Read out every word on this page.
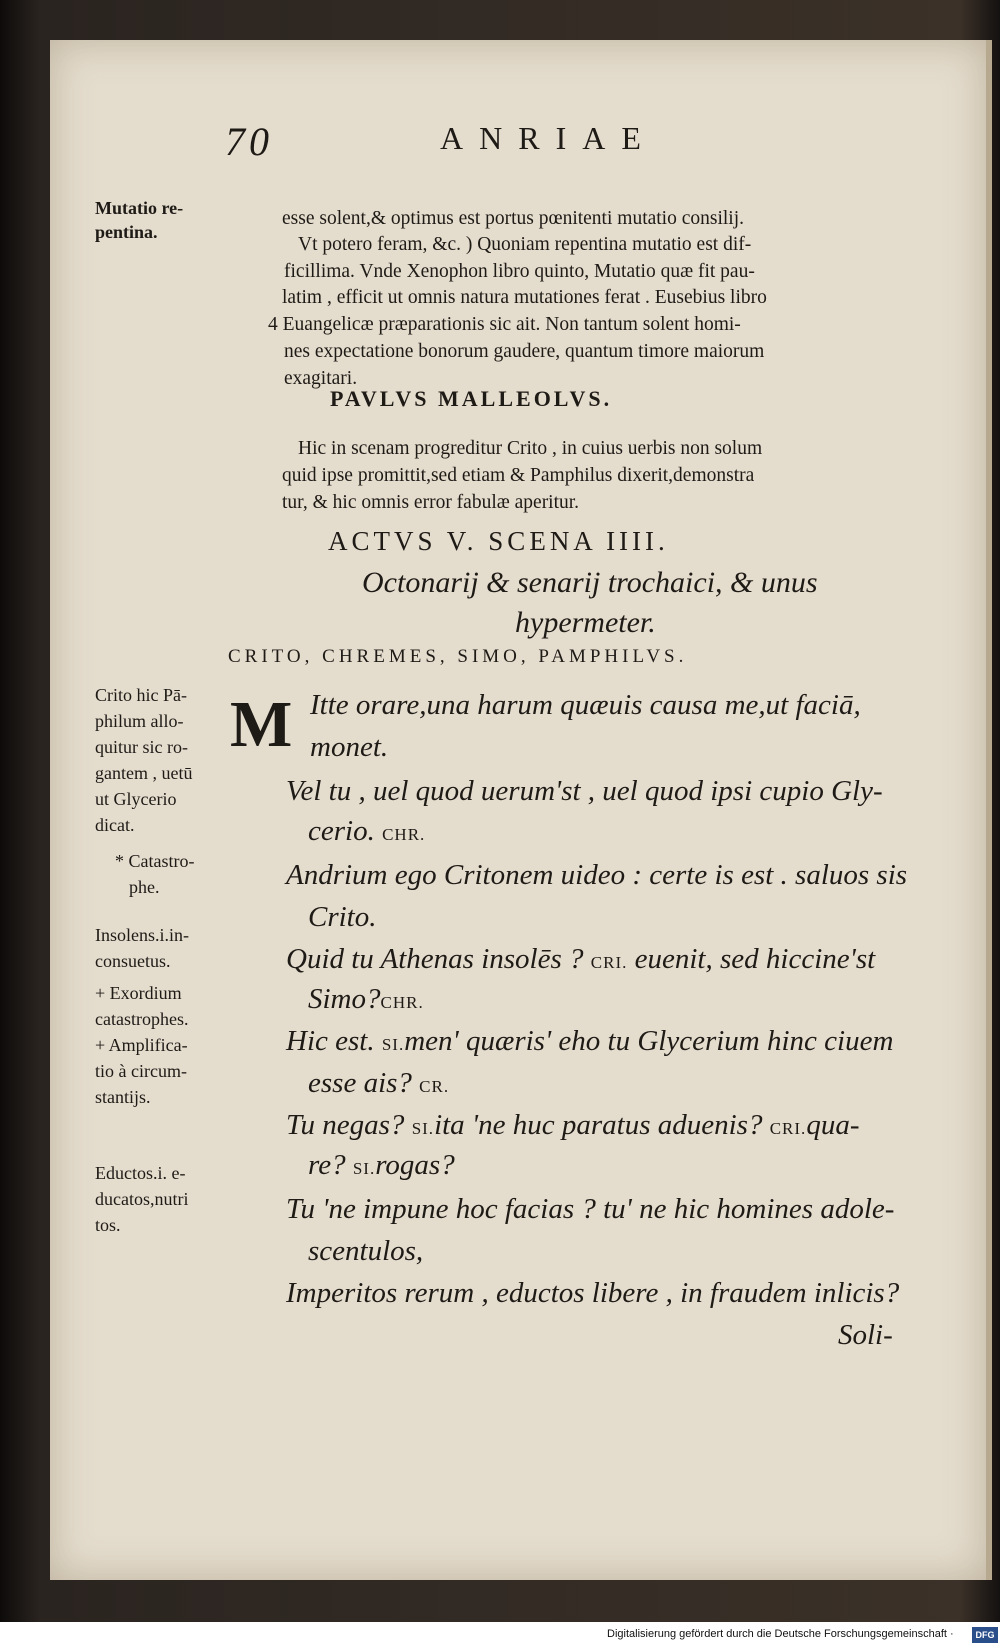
70	ANRIAE
Mutatio re-
pentina.
Crito hic Pā-
philum allo-
quitur sic ro-
gantem , uetū
ut Glycerio
dicat.
* Catastro-
phe.
Insolens.i.in-
consuetus.
+ Exordium
catastrophes.
+ Amplifica-
tio à circum-
stantijs.
Eductos.i. e-
ducatos,nutri
tos.
esse solent,& optimus est portus pœnitenti mutatio consilij.
Vt potero feram, &c. ) Quoniam repentina mutatio est dif-
ficillima. Vnde Xenophon libro quinto, Mutatio quæ fit pau-
latim , efficit ut omnis natura mutationes ferat . Eusebius libro
4 Euangelicæ præparationis sic ait. Non tantum solent homi-
nes expectatione bonorum gaudere, quantum timore maiorum
exagitari.
PAVLVS MALLEOLVS.
Hic in scenam progreditur Crito , in cuius uerbis non solum
quid ipse promittit,sed etiam & Pamphilus dixerit,demonstra
tur, & hic omnis error fabulæ aperitur.
ACTVS V. SCENA IIII.
Octonarij & senarij trochaici, & unus
hypermeter.
CRITO, CHREMES, SIMO, PAMPHILVS.
M Itte orare,una harum quæuis causa me,ut faciā,
monet.
Vel tu , uel quod uerum'st , uel quod ipsi cupio Gly-
cerio. CHR.
Andrium ego Critonem uideo : certe is est . saluos sis
Crito.
Quid tu Athenas insolēs ? CRI. euenit, sed hiccine'st
Simo?CHR.
Hic est. SI.men' quæris' eho tu Glycerium hinc ciuem
esse ais? CR.
Tu negas? SI.ita 'ne huc paratus aduenis? CRI.qua-
re? SI.rogas?
Tu 'ne impune hoc facias ? tu' ne hic homines adole-
scentulos,
Imperitos rerum , eductos libere , in fraudem inlicis?
Soli-
Digitalisierung gefördert durch die Deutsche Forschungsgemeinschaft ·	DFG
